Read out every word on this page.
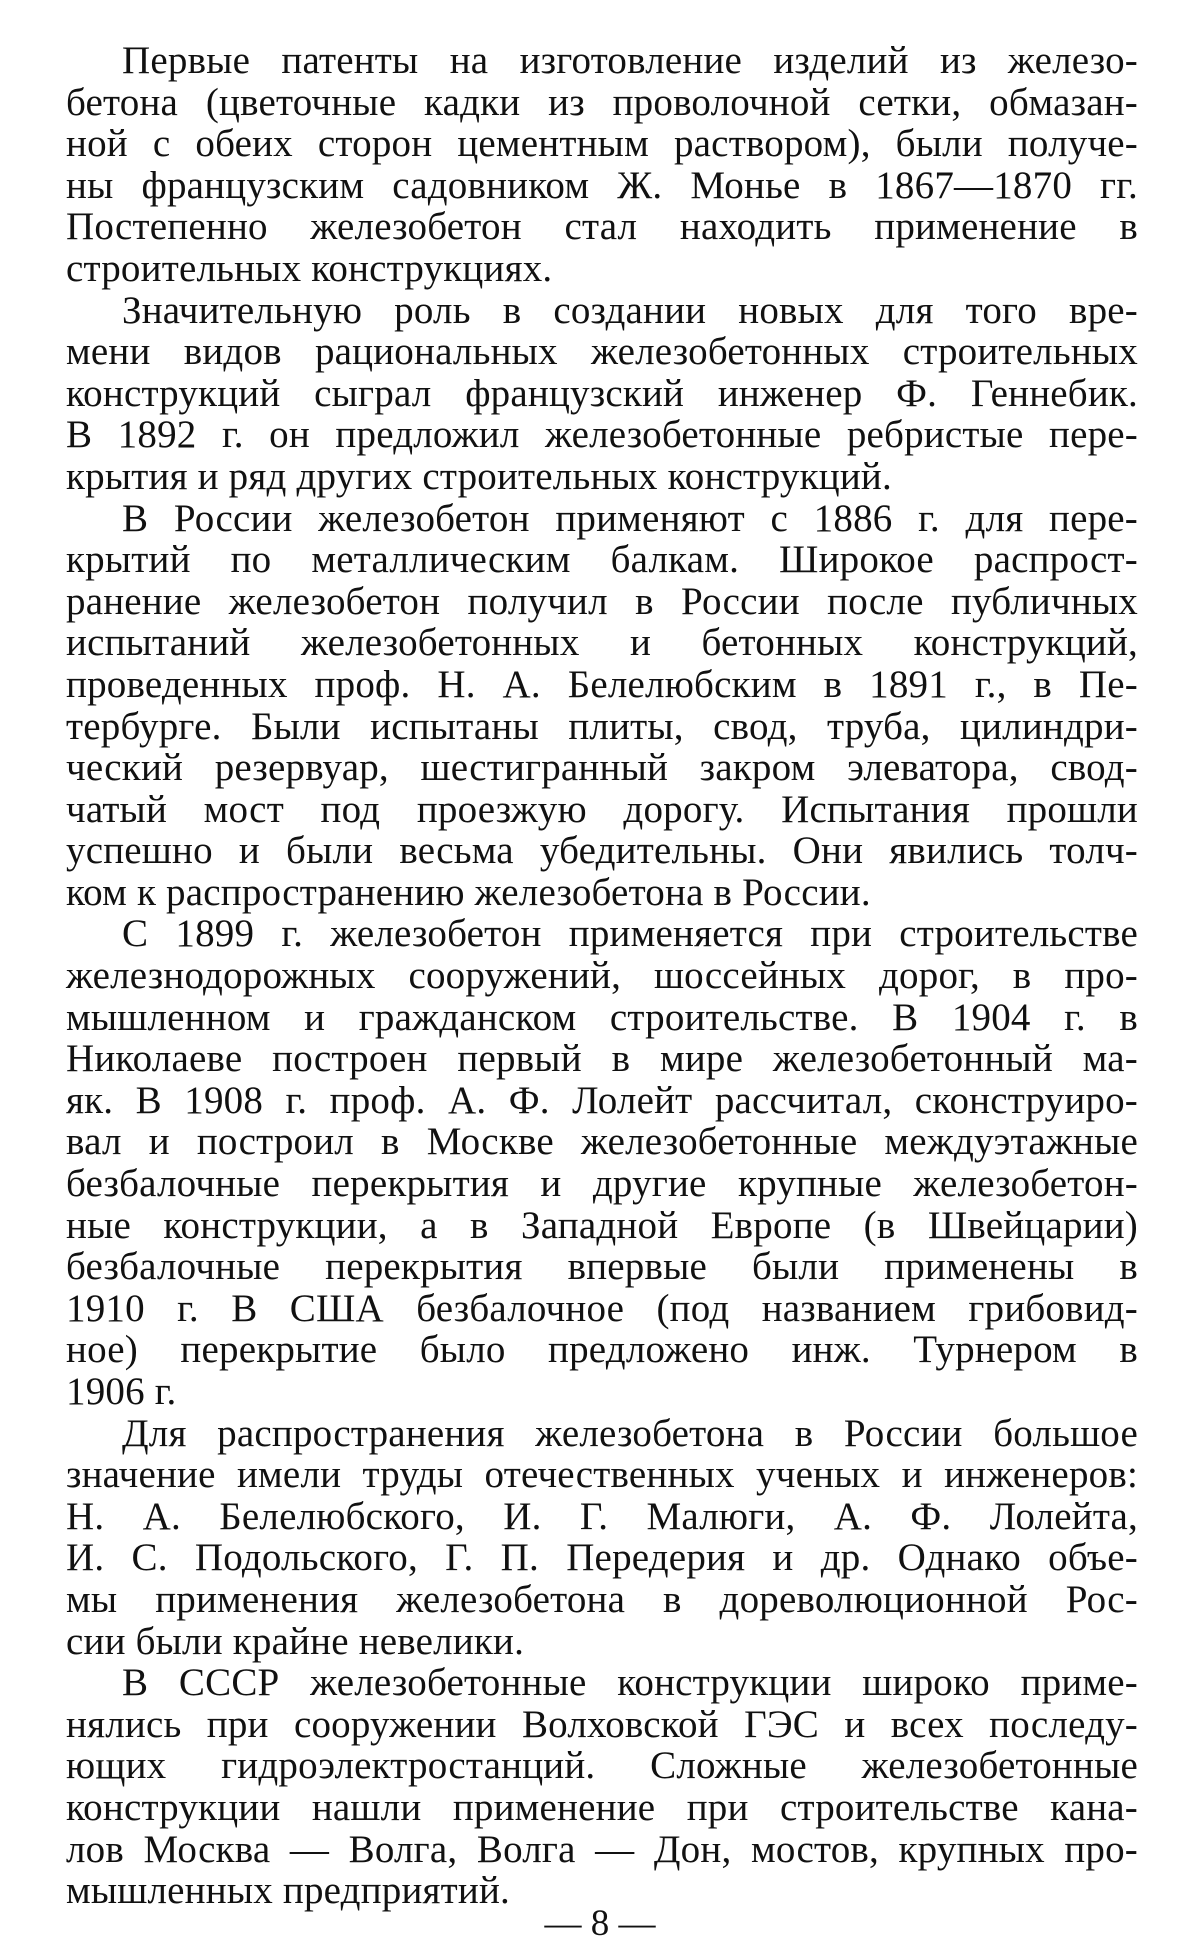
Первые патенты на изготовление изделий из железо-
бетона (цветочные кадки из проволочной сетки, обмазан-
ной с обеих сторон цементным раствором), были получе-
ны французским садовником Ж. Монье в 1867—1870 гг.
Постепенно железобетон стал находить применение в
строительных конструкциях.
Значительную роль в создании новых для того вре-
мени видов рациональных железобетонных строительных
конструкций сыграл французский инженер Ф. Геннебик.
В 1892 г. он предложил железобетонные ребристые пере-
крытия и ряд других строительных конструкций.
В России железобетон применяют с 1886 г. для пере-
крытий по металлическим балкам. Широкое распрост-
ранение железобетон получил в России после публичных
испытаний железобетонных и бетонных конструкций,
проведенных проф. Н. А. Белелюбским в 1891 г., в Пе-
тербурге. Были испытаны плиты, свод, труба, цилиндри-
ческий резервуар, шестигранный закром элеватора, свод-
чатый мост под проезжую дорогу. Испытания прошли
успешно и были весьма убедительны. Они явились толч-
ком к распространению железобетона в России.
С 1899 г. железобетон применяется при строительстве
железнодорожных сооружений, шоссейных дорог, в про-
мышленном и гражданском строительстве. В 1904 г. в
Николаеве построен первый в мире железобетонный ма-
як. В 1908 г. проф. А. Ф. Лолейт рассчитал, сконструиро-
вал и построил в Москве железобетонные междуэтажные
безбалочные перекрытия и другие крупные железобетон-
ные конструкции, а в Западной Европе (в Швейцарии)
безбалочные перекрытия впервые были применены в
1910 г. В США безбалочное (под названием грибовид-
ное) перекрытие было предложено инж. Турнером в
1906 г.
Для распространения железобетона в России большое
значение имели труды отечественных ученых и инженеров:
Н. А. Белелюбского, И. Г. Малюги, А. Ф. Лолейта,
И. С. Подольского, Г. П. Передерия и др. Однако объе-
мы применения железобетона в дореволюционной Рос-
сии были крайне невелики.
В СССР железобетонные конструкции широко приме-
нялись при сооружении Волховской ГЭС и всех последу-
ющих гидроэлектростанций. Сложные железобетонные
конструкции нашли применение при строительстве кана-
лов Москва — Волга, Волга — Дон, мостов, крупных про-
мышленных предприятий.
— 8 —
